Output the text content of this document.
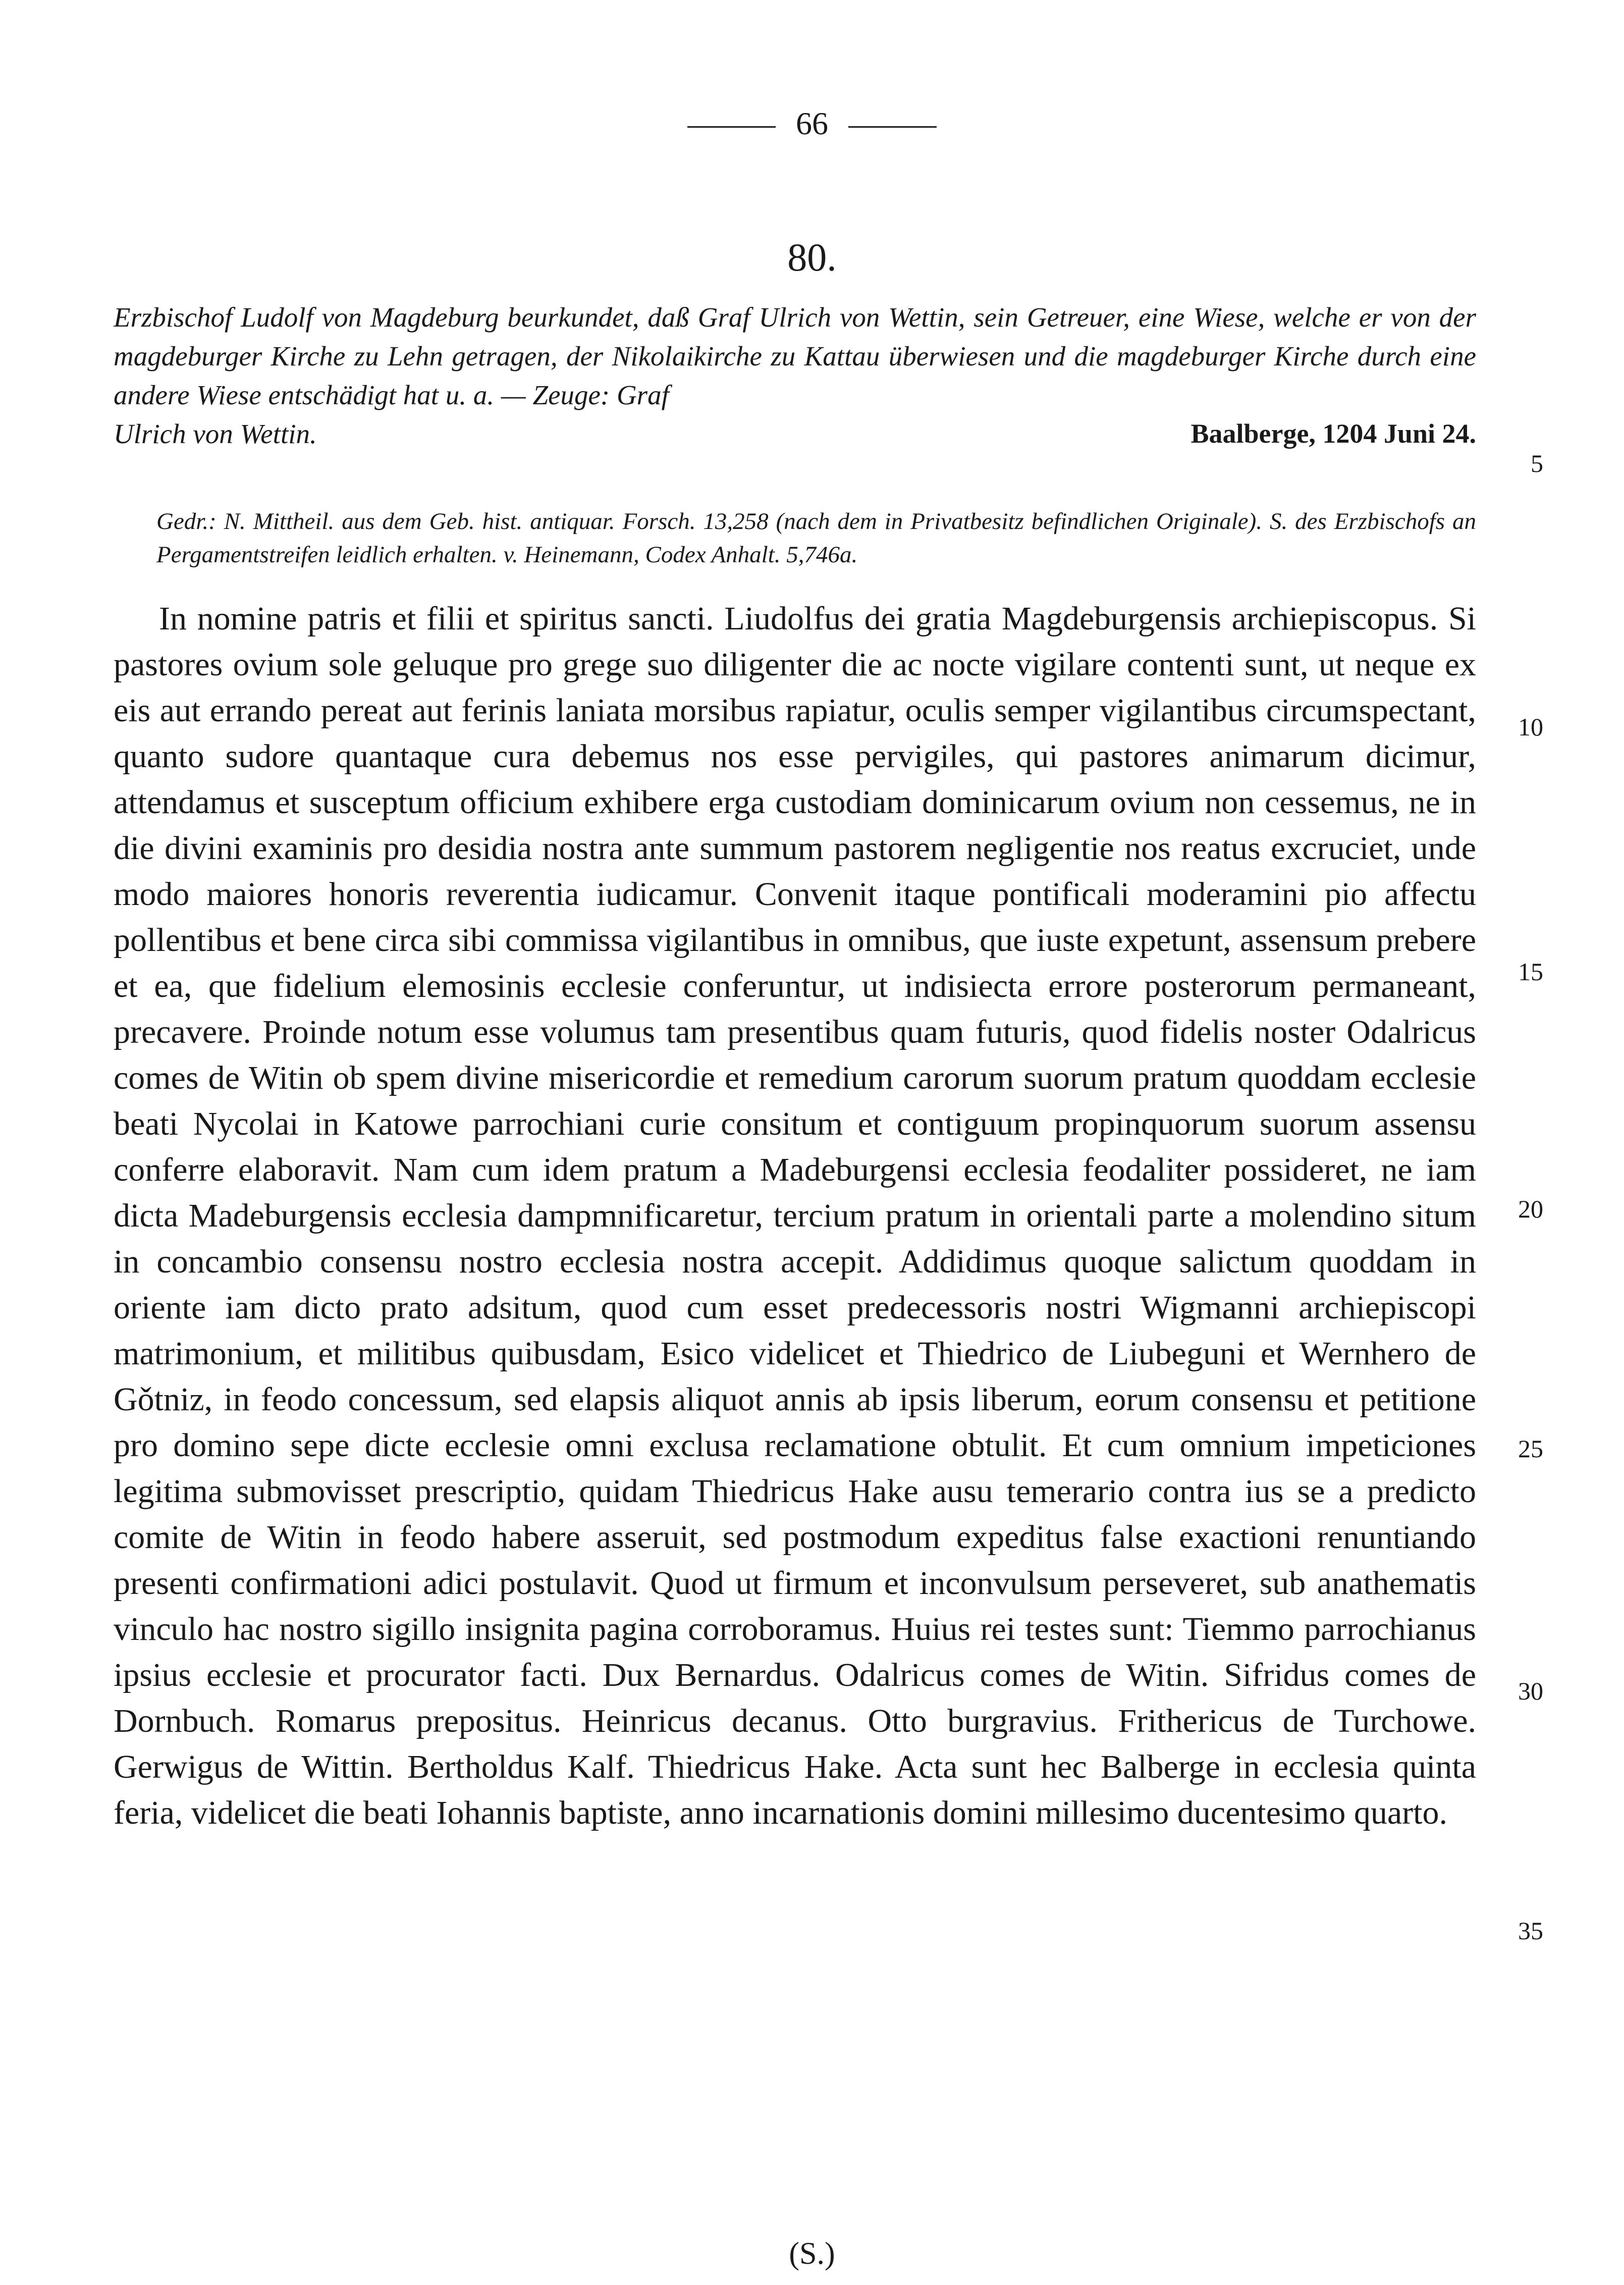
66
80.
Erzbischof Ludolf von Magdeburg beurkundet, daß Graf Ulrich von Wettin, sein Getreuer, eine Wiese, welche er von der magdeburger Kirche zu Lehn getragen, der Nikolaikirche zu Kattau überwiesen und die magdeburger Kirche durch eine andere Wiese entschädigt hat u. a. — Zeuge: Graf
Ulrich von Wettin.	Baalberge, 1204 Juni 24.
5
10
15
20
25
30
35
Gedr.: N. Mittheil. aus dem Geb. hist. antiquar. Forsch. 13,258 (nach dem in Privatbesitz befindlichen Originale). S. des Erzbischofs an Pergamentstreifen leidlich erhalten. v. Heinemann, Codex Anhalt. 5,746a.
In nomine patris et filii et spiritus sancti. Liudolfus dei gratia Magdeburgensis archiepiscopus. Si pastores ovium sole geluque pro grege suo diligenter die ac nocte vigilare contenti sunt, ut neque ex eis aut errando pereat aut ferinis laniata morsibus rapiatur, oculis semper vigilantibus circumspectant, quanto sudore quantaque cura debemus nos esse pervigiles, qui pastores animarum dicimur, attendamus et susceptum officium exhibere erga custodiam dominicarum ovium non cessemus, ne in die divini examinis pro desidia nostra ante summum pastorem negligentie nos reatus excruciet, unde modo maiores honoris reverentia iudicamur. Convenit itaque pontificali moderamini pio affectu pollentibus et bene circa sibi commissa vigilantibus in omnibus, que iuste expetunt, assensum prebere et ea, que fidelium elemosinis ecclesie conferuntur, ut indisiecta errore posterorum permaneant, precavere. Proinde notum esse volumus tam presentibus quam futuris, quod fidelis noster Odalricus comes de Witin ob spem divine misericordie et remedium carorum suorum pratum quoddam ecclesie beati Nycolai in Katowe parrochiani curie consitum et contiguum propinquorum suorum assensu conferre elaboravit. Nam cum idem pratum a Madeburgensi ecclesia feodaliter possideret, ne iam dicta Madeburgensis ecclesia dampmnificaretur, tercium pratum in orientali parte a molendino situm in concambio consensu nostro ecclesia nostra accepit. Addidimus quoque salictum quoddam in oriente iam dicto prato adsitum, quod cum esset predecessoris nostri Wigmanni archiepiscopi matrimonium, et militibus quibusdam, Esico videlicet et Thiedrico de Liubeguni et Wernhero de Gǒtniz, in feodo concessum, sed elapsis aliquot annis ab ipsis liberum, eorum consensu et petitione pro domino sepe dicte ecclesie omni exclusa reclamatione obtulit. Et cum omnium impeticiones legitima submovisset prescriptio, quidam Thiedricus Hake ausu temerario contra ius se a predicto comite de Witin in feodo habere asseruit, sed postmodum expeditus false exactioni renuntiando presenti confirmationi adici postulavit. Quod ut firmum et inconvulsum perseveret, sub anathematis vinculo hac nostro sigillo insignita pagina corroboramus. Huius rei testes sunt: Tiemmo parrochianus ipsius ecclesie et procurator facti. Dux Bernardus. Odalricus comes de Witin. Sifridus comes de Dornbuch. Romarus prepositus. Heinricus decanus. Otto burgravius. Frithericus de Turchowe. Gerwigus de Wittin. Bertholdus Kalf. Thiedricus Hake. Acta sunt hec Balberge in ecclesia quinta feria, videlicet die beati Iohannis baptiste, anno incarnationis domini millesimo ducentesimo quarto.
(S.)
